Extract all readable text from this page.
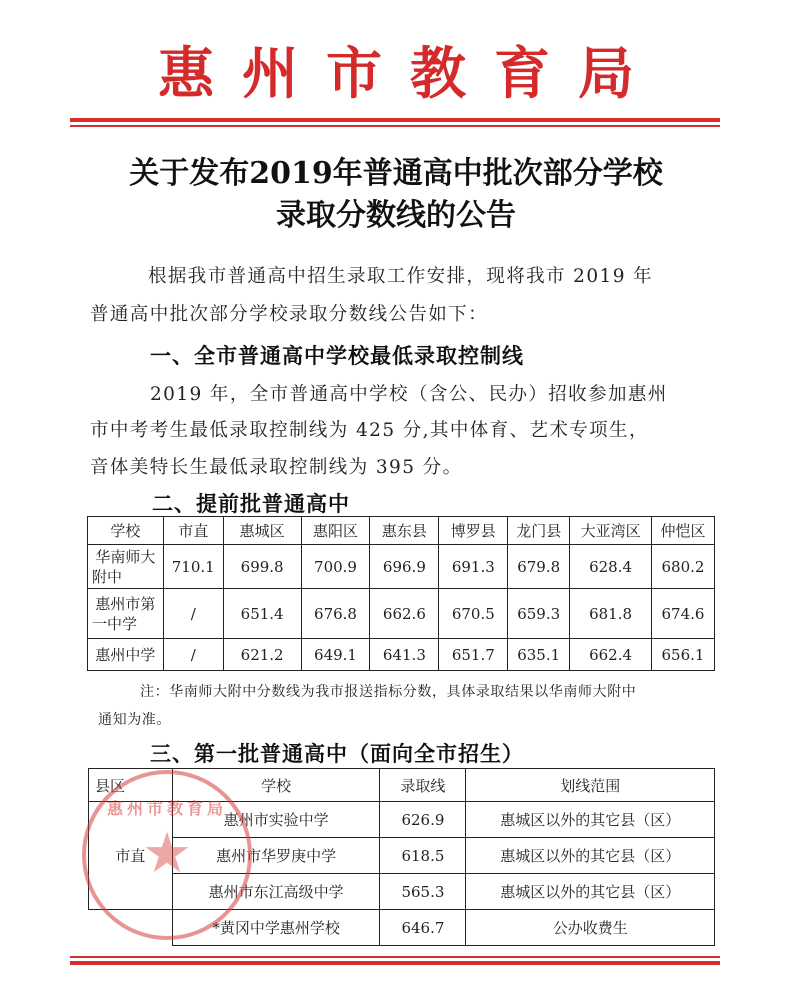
惠州市教育局
关于发布2019年普通高中批次部分学校
录取分数线的公告
根据我市普通高中招生录取工作安排，现将我市 2019 年
普通高中批次部分学校录取分数线公告如下：
一、全市普通高中学校最低录取控制线
2019 年，全市普通高中学校（含公、民办）招收参加惠州
市中考考生最低录取控制线为 425 分,其中体育、艺术专项生，
音体美特长生最低录取控制线为 395 分。
二、提前批普通高中
学校	市直	惠城区	惠阳区	惠东县	博罗县	龙门县	大亚湾区	仲恺区

华南师大
附中	710.1	699.8	700.9	696.9	691.3	679.8	628.4	680.2

惠州市第
一中学	/	651.4	676.8	662.6	670.5	659.3	681.8	674.6
惠州中学	/	621.2	649.1	641.3	651.7	635.1	662.4	656.1
注：华南师大附中分数线为我市报送指标分数，具体录取结果以华南师大附中
通知为准。
三、第一批普通高中（面向全市招生）
县区	学校	录取线	划线范围
市直	惠州市实验中学	626.9	惠城区以外的其它县（区）
	惠州市华罗庚中学	618.5	惠城区以外的其它县（区）
	惠州市东江高级中学	565.3	惠城区以外的其它县（区）
	*黄冈中学惠州学校	646.7	公办收费生
惠州市教育局
★
